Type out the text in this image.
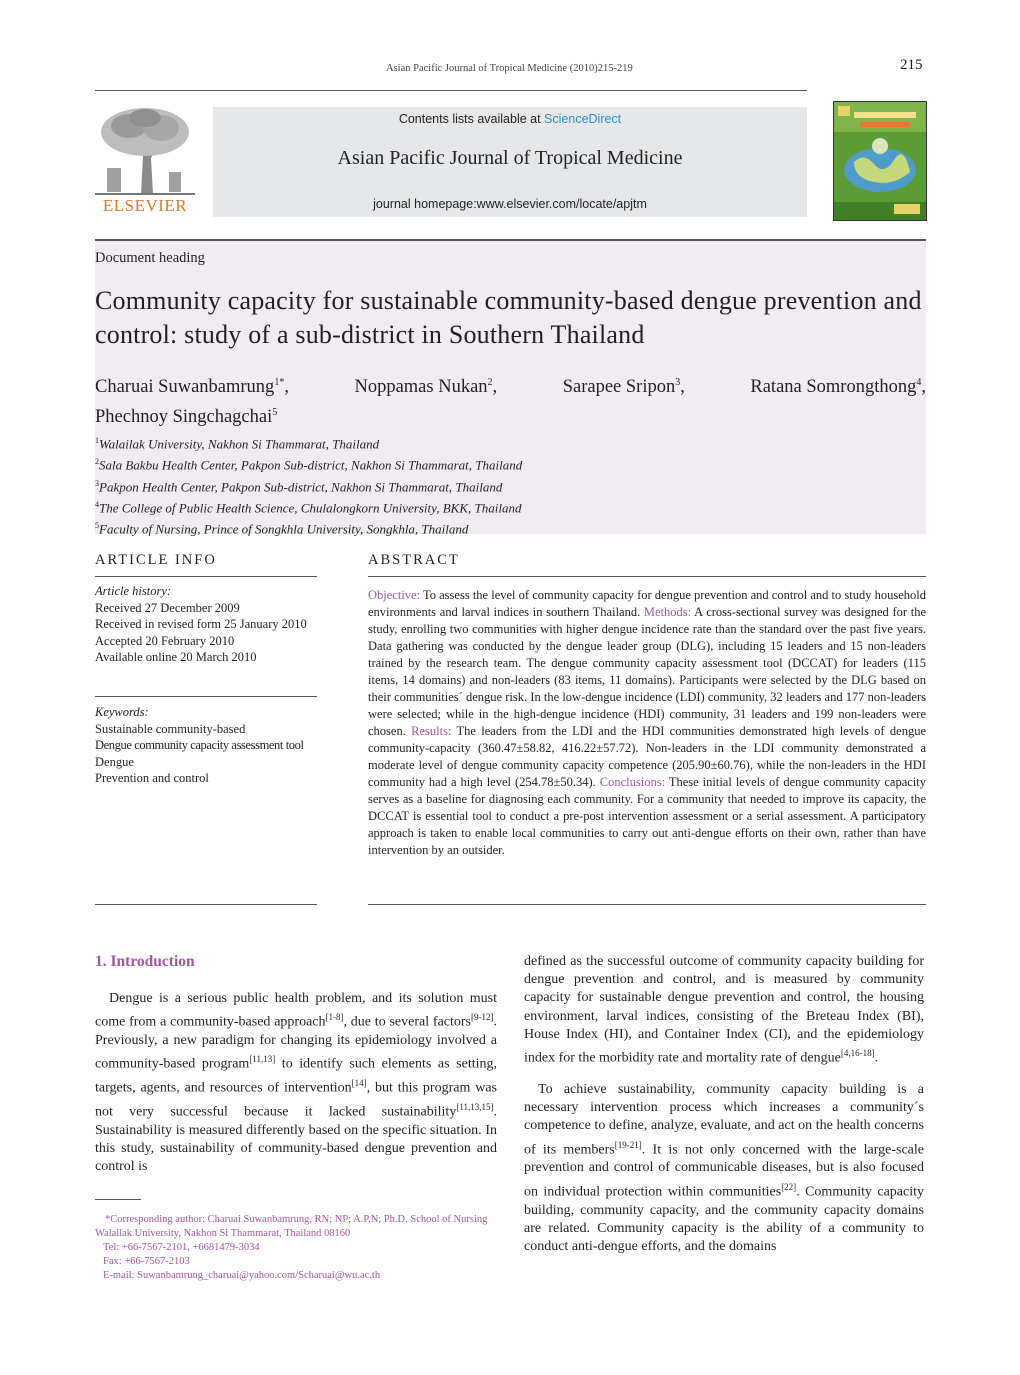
Asian Pacific Journal of Tropical Medicine (2010)215-219	215
ELSEVIER
Contents lists available at ScienceDirect
Asian Pacific Journal of Tropical Medicine
journal homepage:www.elsevier.com/locate/apjtm
Document heading
Community capacity for sustainable community-based dengue prevention and control: study of a sub-district in Southern Thailand
Charuai Suwanbamrung$^{1*}$,	Noppamas Nukan$^2$,	Sarapee Sripon$^3$,	Ratana Somrongthong$^4$,
Phechnoy Singchagchai$^5$
$^1$Walailak University, Nakhon Si Thammarat, Thailand
$^2$Sala Bakbu Health Center, Pakpon Sub-district, Nakhon Si Thammarat, Thailand
$^3$Pakpon Health Center, Pakpon Sub-district, Nakhon Si Thammarat, Thailand
$^4$The College of Public Health Science, Chulalongkorn University, BKK, Thailand
$^5$Faculty of Nursing, Prince of Songkhla University, Songkhla, Thailand
ARTICLE INFO
Article history:
Received 27 December 2009
Received in revised form 25 January 2010
Accepted 20 February 2010
Available online 20 March 2010
Keywords:
Sustainable community-based
Dengue community capacity assessment tool
Dengue
Prevention and control
ABSTRACT
Objective: To assess the level of community capacity for dengue prevention and control and to study household environments and larval indices in southern Thailand. Methods: A cross-sectional survey was designed for the study, enrolling two communities with higher dengue incidence rate than the standard over the past five years. Data gathering was conducted by the dengue leader group (DLG), including 15 leaders and 15 non-leaders trained by the research team. The dengue community capacity assessment tool (DCCAT) for leaders (115 items, 14 domains) and non-leaders (83 items, 11 domains). Participants were selected by the DLG based on their communities´ dengue risk. In the low-dengue incidence (LDI) community, 32 leaders and 177 non-leaders were selected; while in the high-dengue incidence (HDI) community, 31 leaders and 199 non-leaders were chosen. Results: The leaders from the LDI and the HDI communities demonstrated high levels of dengue community-capacity (360.47±58.82, 416.22±57.72). Non-leaders in the LDI community demonstrated a moderate level of dengue community capacity competence (205.90±60.76), while the non-leaders in the HDI community had a high level (254.78±50.34). Conclusions: These initial levels of dengue community capacity serves as a baseline for diagnosing each community. For a community that needed to improve its capacity, the DCCAT is essential tool to conduct a pre-post intervention assessment or a serial assessment. A participatory approach is taken to enable local communities to carry out anti-dengue efforts on their own, rather than have intervention by an outsider.
1. Introduction
Dengue is a serious public health problem, and its solution must come from a community-based approach[1-8], due to several factors[9-12]. Previously, a new paradigm for changing its epidemiology involved a community-based program[11,13] to identify such elements as setting, targets, agents, and resources of intervention[14], but this program was not very successful because it lacked sustainability[11,13,15]. Sustainability is measured differently based on the specific situation. In this study, sustainability of community-based dengue prevention and control is
defined as the successful outcome of community capacity building for dengue prevention and control, and is measured by community capacity for sustainable dengue prevention and control, the housing environment, larval indices, consisting of the Breteau Index (BI), House Index (HI), and Container Index (CI), and the epidemiology index for the morbidity rate and mortality rate of dengue[4,16-18].
To achieve sustainability, community capacity building is a necessary intervention process which increases a community´s competence to define, analyze, evaluate, and act on the health concerns of its members[19-21]. It is not only concerned with the large-scale prevention and control of communicable diseases, but is also focused on individual protection within communities[22]. Community capacity building, community capacity, and the community capacity domains are related. Community capacity is the ability of a community to conduct anti-dengue efforts, and the domains
*Corresponding author: Charuai Suwanbamrung, RN; NP; A.P.N; Ph.D. School of Nursing Walailak University, Nakhon Si Thammarat, Thailand 08160
Tel: +66-7567-2101, +6681479-3034
Fax: +66-7567-2103
E-mail: Suwanbamrung_charuai@yahoo.com/Scharuai@wu.ac.th
